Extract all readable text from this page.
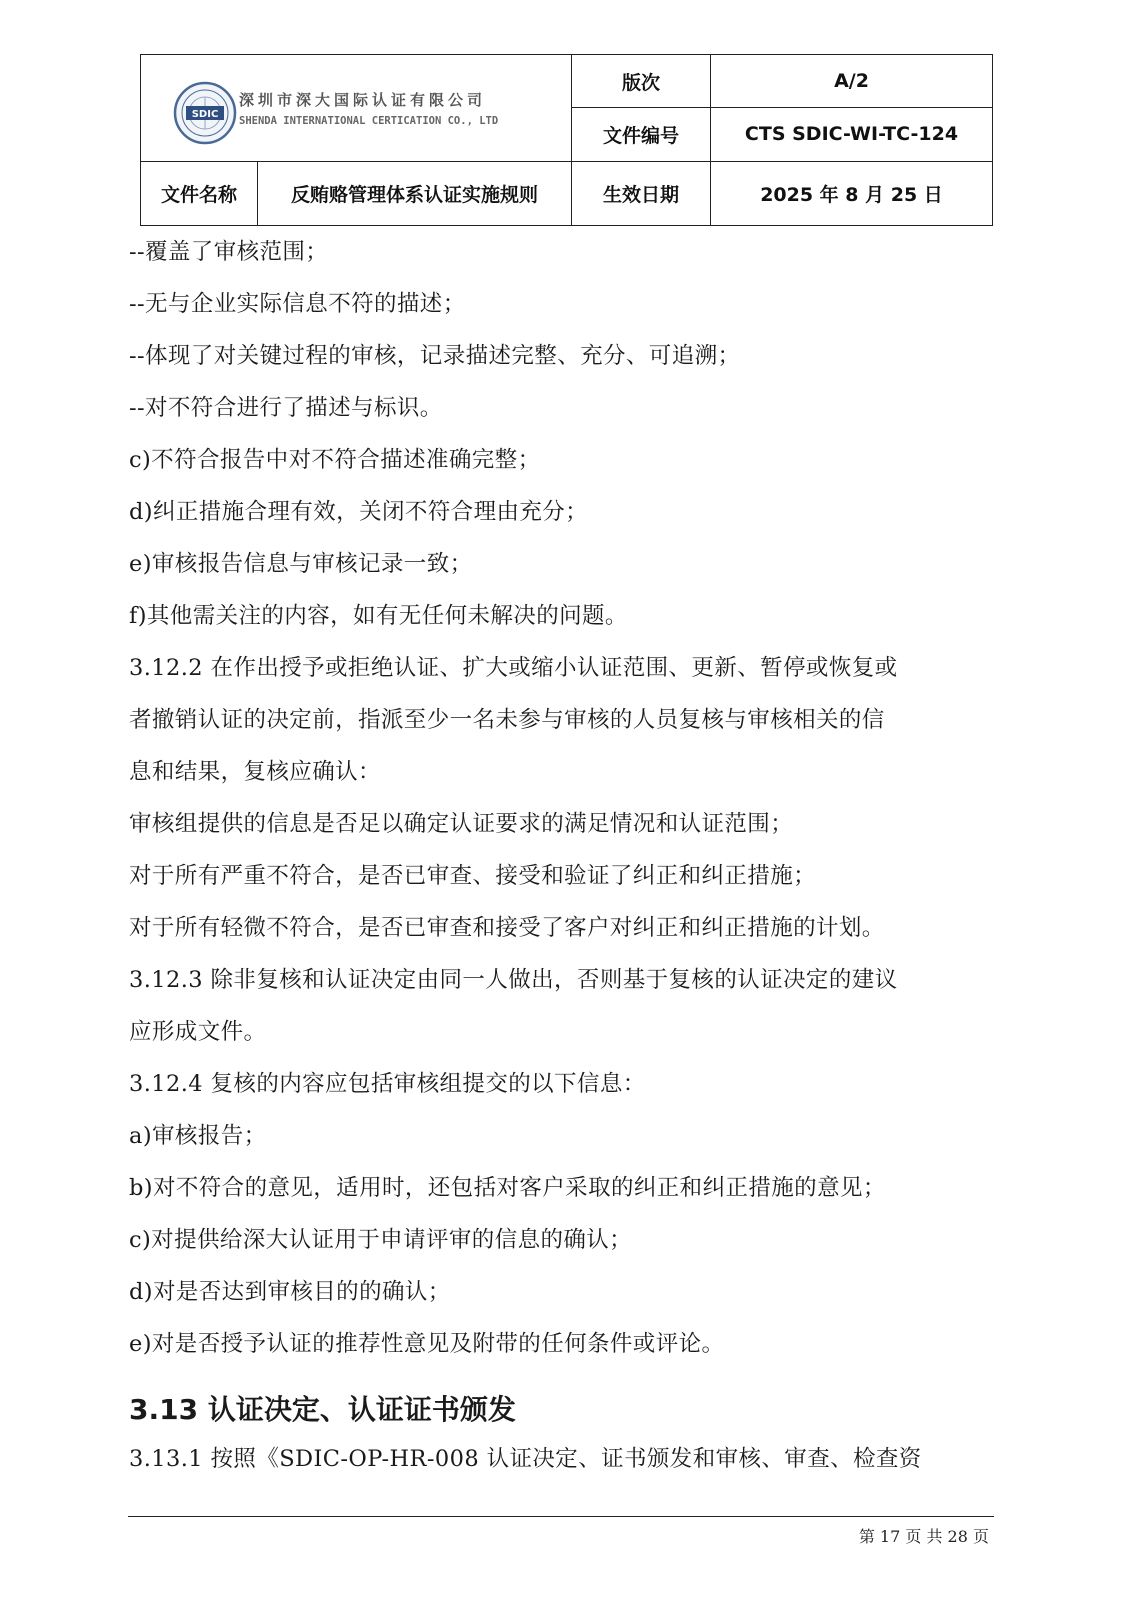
SDIC
深圳市深大国际认证有限公司
SHENDA INTERNATIONAL CERTICATION CO., LTD		版次	A/2
		文件编号	CTS SDIC-WI-TC-124
文件名称	反贿赂管理体系认证实施规则	生效日期	2025 年 8 月 25 日
--覆盖了审核范围；
--无与企业实际信息不符的描述；
--体现了对关键过程的审核，记录描述完整、充分、可追溯；
--对不符合进行了描述与标识。
c)不符合报告中对不符合描述准确完整；
d)纠正措施合理有效，关闭不符合理由充分；
e)审核报告信息与审核记录一致；
f)其他需关注的内容，如有无任何未解决的问题。
3.12.2 在作出授予或拒绝认证、扩大或缩小认证范围、更新、暂停或恢复或
者撤销认证的决定前，指派至少一名未参与审核的人员复核与审核相关的信
息和结果，复核应确认：
审核组提供的信息是否足以确定认证要求的满足情况和认证范围；
对于所有严重不符合，是否已审查、接受和验证了纠正和纠正措施；
对于所有轻微不符合，是否已审查和接受了客户对纠正和纠正措施的计划。
3.12.3 除非复核和认证决定由同一人做出，否则基于复核的认证决定的建议
应形成文件。
3.12.4 复核的内容应包括审核组提交的以下信息：
a)审核报告；
b)对不符合的意见，适用时，还包括对客户采取的纠正和纠正措施的意见；
c)对提供给深大认证用于申请评审的信息的确认；
d)对是否达到审核目的的确认；
e)对是否授予认证的推荐性意见及附带的任何条件或评论。
3.13 认证决定、认证证书颁发
3.13.1 按照《SDIC-OP-HR-008 认证决定、证书颁发和审核、审查、检查资
第 17 页 共 28 页
